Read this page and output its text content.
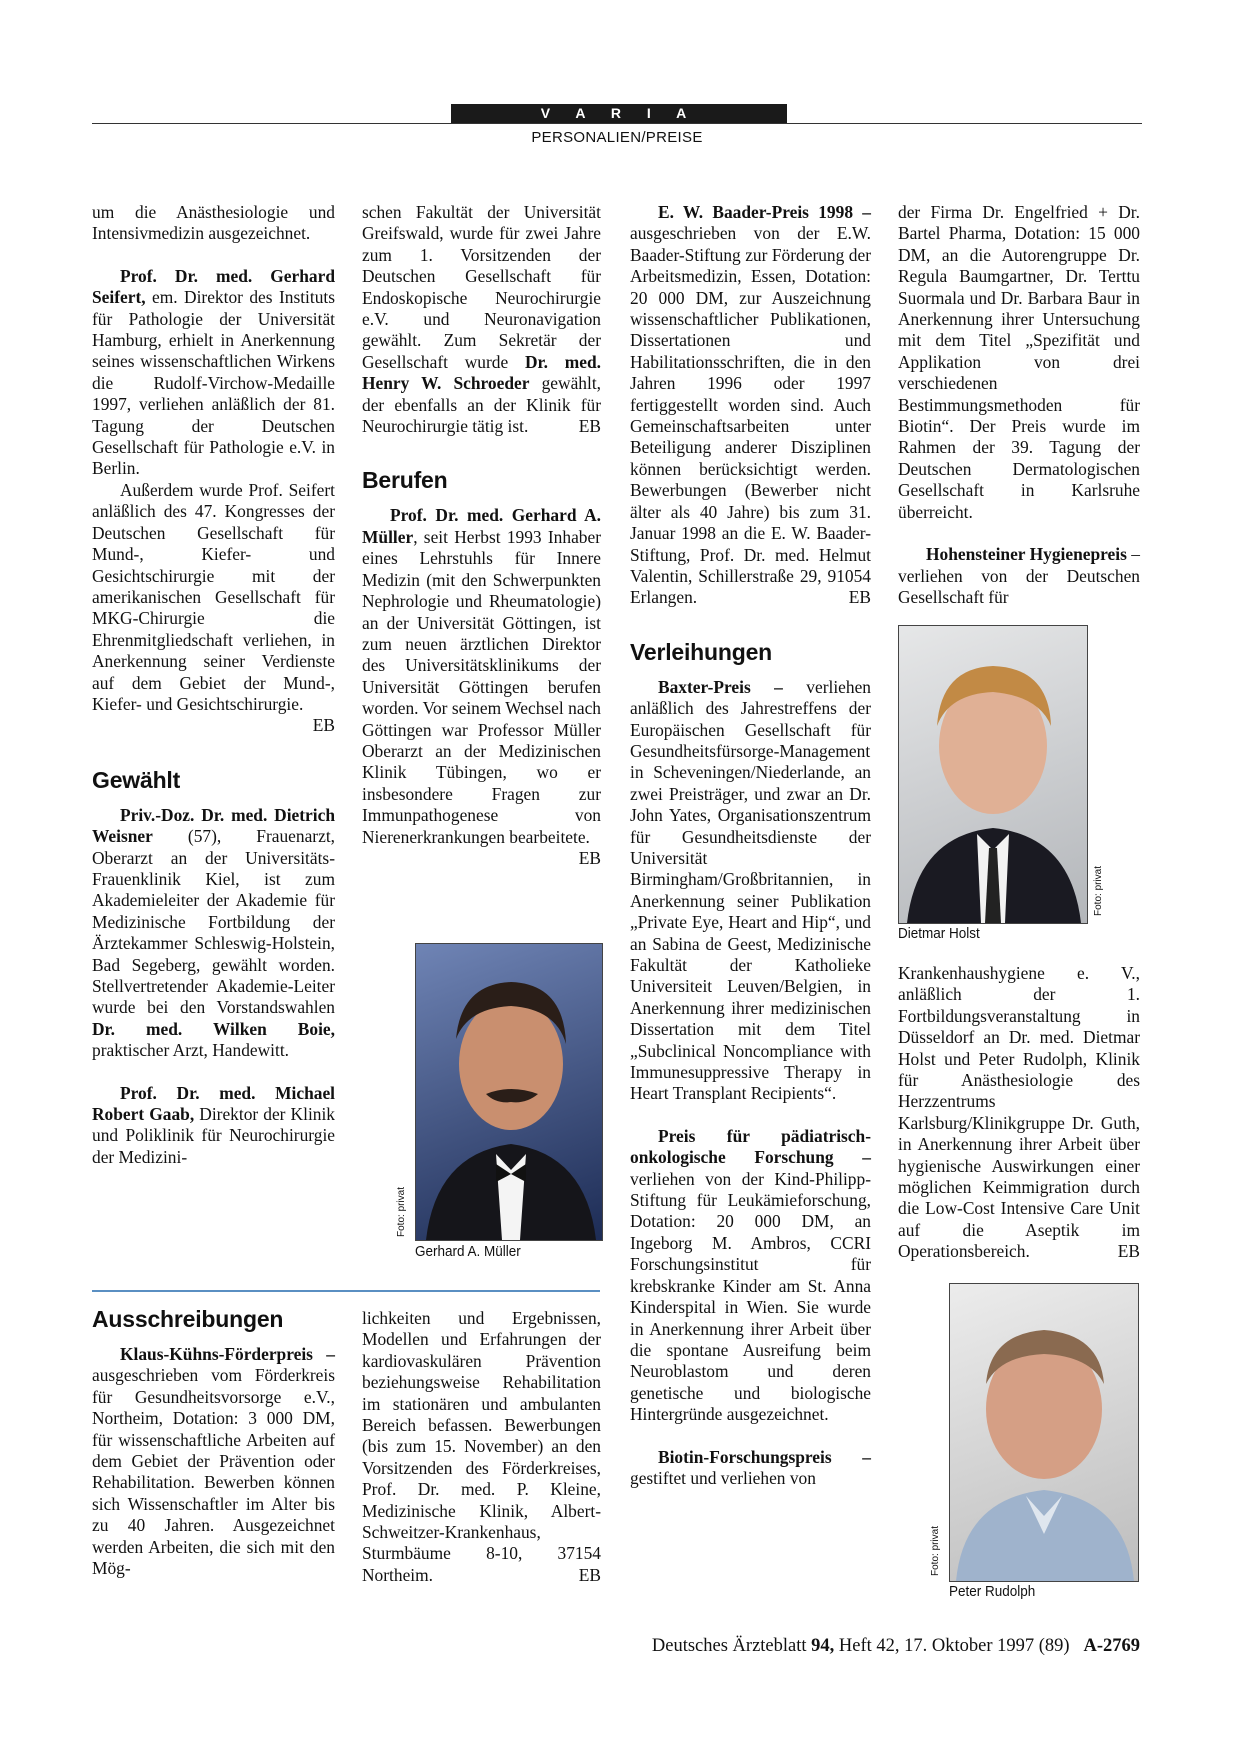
V A R I A
PERSONALIEN/PREISE

um die Anästhesiologie und Intensivmedizin ausgezeichnet.

Prof. Dr. med. Gerhard Seifert, em. Direktor des Instituts für Pathologie der Universität Hamburg, erhielt in Anerkennung seines wissenschaftlichen Wirkens die Rudolf-Virchow-Medaille 1997, verliehen anläßlich der 81. Tagung der Deutschen Gesellschaft für Pathologie e.V. in Berlin.

Außerdem wurde Prof. Seifert anläßlich des 47. Kongresses der Deutschen Gesellschaft für Mund-, Kiefer- und Gesichtschirurgie mit der amerikanischen Gesellschaft für MKG-Chirurgie die Ehrenmitgliedschaft verliehen, in Anerkennung seiner Verdienste auf dem Gebiet der Mund-, Kiefer- und Gesichtschirurgie.
EB

Gewählt

Priv.-Doz. Dr. med. Dietrich Weisner (57), Frauenarzt, Oberarzt an der Universitäts-Frauenklinik Kiel, ist zum Akademieleiter der Akademie für Medizinische Fortbildung der Ärztekammer Schleswig-Holstein, Bad Segeberg, gewählt worden. Stellvertretender Akademie-Leiter wurde bei den Vorstandswahlen Dr. med. Wilken Boie, praktischer Arzt, Handewitt.

Prof. Dr. med. Michael Robert Gaab, Direktor der Klinik und Poliklinik für Neurochirurgie der Medizini-

schen Fakultät der Universität Greifswald, wurde für zwei Jahre zum 1. Vorsitzenden der Deutschen Gesellschaft für Endoskopische Neurochirurgie e.V. und Neuronavigation gewählt. Zum Sekretär der Gesellschaft wurde Dr. med. Henry W. Schroeder gewählt, der ebenfalls an der Klinik für Neurochirurgie tätig ist.	EB

Berufen

Prof. Dr. med. Gerhard A. Müller, seit Herbst 1993 Inhaber eines Lehrstuhls für Innere Medizin (mit den Schwerpunkten Nephrologie und Rheumatologie) an der Universität Göttingen, ist zum neuen ärztlichen Direktor des Universitätsklinikums der Universität Göttingen berufen worden. Vor seinem Wechsel nach Göttingen war Professor Müller Oberarzt an der Medizinischen Klinik Tübingen, wo er insbesondere Fragen zur Immunpathogenese von Nierenerkrankungen bearbeitete.
EB

Foto: privat
Gerhard A. Müller

E. W. Baader-Preis 1998 – ausgeschrieben von der E.W. Baader-Stiftung zur Förderung der Arbeitsmedizin, Essen, Dotation: 20 000 DM, zur Auszeichnung wissenschaftlicher Publikationen, Dissertationen und Habilitationsschriften, die in den Jahren 1996 oder 1997 fertiggestellt worden sind. Auch Gemeinschaftsarbeiten unter Beteiligung anderer Disziplinen können berücksichtigt werden. Bewerbungen (Bewerber nicht älter als 40 Jahre) bis zum 31. Januar 1998 an die E. W. Baader-Stiftung, Prof. Dr. med. Helmut Valentin, Schillerstraße 29, 91054 Erlangen.	EB

Verleihungen

Baxter-Preis – verliehen anläßlich des Jahrestreffens der Europäischen Gesellschaft für Gesundheitsfürsorge-Management in Scheveningen/Niederlande, an zwei Preisträger, und zwar an Dr. John Yates, Organisationszentrum für Gesundheitsdienste der Universität Birmingham/Großbritannien, in Anerkennung seiner Publikation „Private Eye, Heart and Hip“, und an Sabina de Geest, Medizinische Fakultät der Katholieke Universiteit Leuven/Belgien, in Anerkennung ihrer medizinischen Dissertation mit dem Titel „Subclinical Noncompliance with Immunesuppressive Therapy in Heart Transplant Recipients“.

Preis für pädiatrisch-onkologische Forschung – verliehen von der Kind-Philipp-Stiftung für Leukämieforschung, Dotation: 20 000 DM, an Ingeborg M. Ambros, CCRI Forschungsinstitut für krebskranke Kinder am St. Anna Kinderspital in Wien. Sie wurde in Anerkennung ihrer Arbeit über die spontane Ausreifung beim Neuroblastom und deren genetische und biologische Hintergründe ausgezeichnet.

Biotin-Forschungspreis – gestiftet und verliehen von

der Firma Dr. Engelfried + Dr. Bartel Pharma, Dotation: 15 000 DM, an die Autorengruppe Dr. Regula Baumgartner, Dr. Terttu Suormala und Dr. Barbara Baur in Anerkennung ihrer Untersuchung mit dem Titel „Spezifität und Applikation von drei verschiedenen Bestimmungsmethoden für Biotin“. Der Preis wurde im Rahmen der 39. Tagung der Deutschen Dermatologischen Gesellschaft in Karlsruhe überreicht.

Hohensteiner Hygienepreis – verliehen von der Deutschen Gesellschaft für

Foto: privat
Dietmar Holst

Krankenhaushygiene e. V., anläßlich der 1. Fortbildungsveranstaltung in Düsseldorf an Dr. med. Dietmar Holst und Peter Rudolph, Klinik für Anästhesiologie des Herzzentrums Karlsburg/Klinikgruppe Dr. Guth, in Anerkennung ihrer Arbeit über hygienische Auswirkungen einer möglichen Keimmigration durch die Low-Cost Intensive Care Unit auf die Aseptik im Operationsbereich.	EB

Foto: privat
Peter Rudolph
Ausschreibungen

Klaus-Kühns-Förderpreis – ausgeschrieben vom Förderkreis für Gesundheitsvorsorge e.V., Northeim, Dotation: 3 000 DM, für wissenschaftliche Arbeiten auf dem Gebiet der Prävention oder Rehabilitation. Bewerben können sich Wissenschaftler im Alter bis zu 40 Jahren. Ausgezeichnet werden Arbeiten, die sich mit den Mög-

lichkeiten und Ergebnissen, Modellen und Erfahrungen der kardiovaskulären Prävention beziehungsweise Rehabilitation im stationären und ambulanten Bereich befassen. Bewerbungen (bis zum 15. November) an den Vorsitzenden des Förderkreises, Prof. Dr. med. P. Kleine, Medizinische Klinik, Albert-Schweitzer-Krankenhaus, Sturmbäume 8-10, 37154 Northeim.	EB

Deutsches Ärzteblatt 94, Heft 42, 17. Oktober 1997 (89) A-2769
